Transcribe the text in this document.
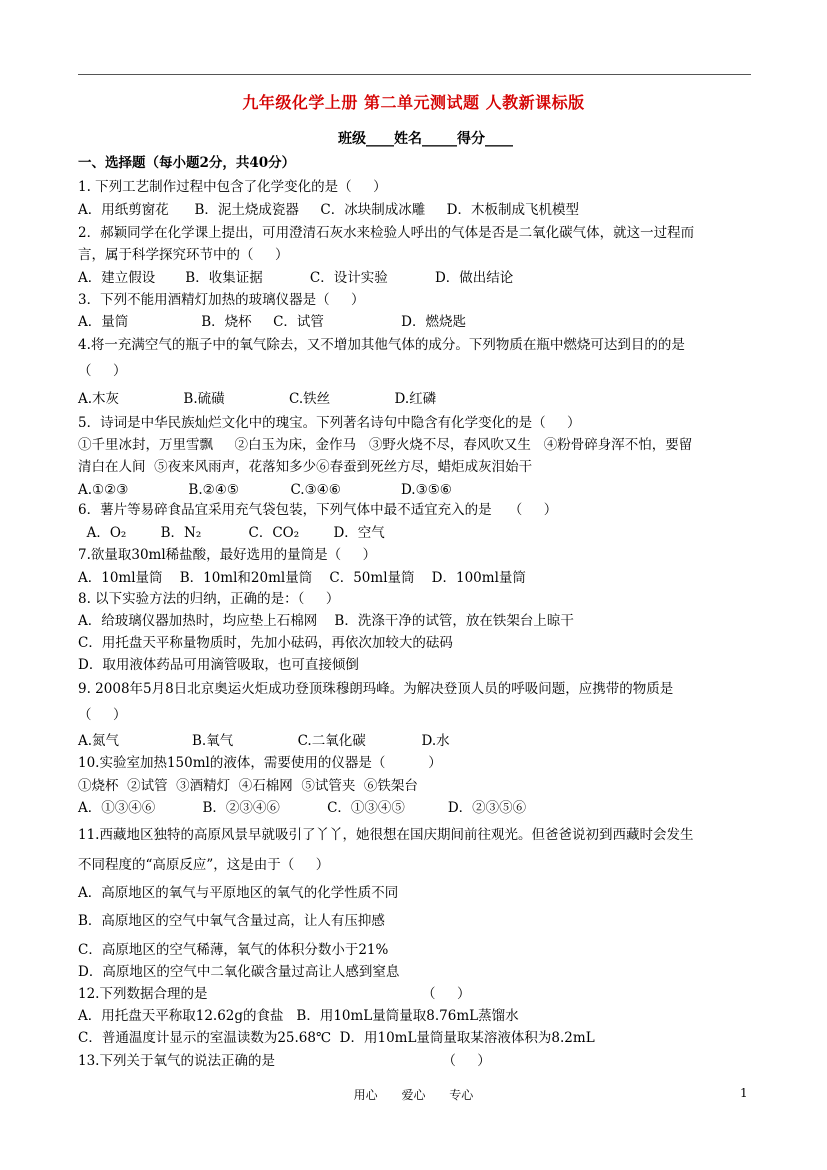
九年级化学上册 第二单元测试题 人教新课标版
班级____姓名_____得分____
一、选择题（每小题2分，共40分）
1. 下列工艺制作过程中包含了化学变化的是（     ）
A．用纸剪窗花      B．泥土烧成瓷器     C．冰块制成冰雕     D．木板制成飞机模型
2．郝颖同学在化学课上提出，可用澄清石灰水来检验人呼出的气体是否是二氧化碳气体，就这一过程而
言，属于科学探究环节中的（     ）
A．建立假设       B．收集证据           C．设计实验           D．做出结论
3．下列不能用酒精灯加热的玻璃仪器是（     ）
A．量筒                 B．烧杯     C．试管                  D．燃烧匙
4.将一充满空气的瓶子中的氧气除去，又不增加其他气体的成分。下列物质在瓶中燃烧可达到目的的是
（     ）
A.木灰               B.硫磺               C.铁丝               D.红磷
5．诗词是中华民族灿烂文化中的瑰宝。下列著名诗句中隐含有化学变化的是（     ）
①千里冰封，万里雪飘     ②白玉为床，金作马   ③野火烧不尽，春风吹又生   ④粉骨碎身浑不怕，要留
清白在人间  ⑤夜来风雨声，花落知多少⑥春蚕到死丝方尽，蜡炬成灰泪始干
A.①②③              B.②④⑤            C.③④⑥              D.③⑤⑥
6．薯片等易碎食品宜采用充气袋包装，下列气体中最不适宜充入的是    （     ）
A．O₂        B．N₂           C．CO₂        D．空气
7.欲量取30ml稀盐酸，最好选用的量筒是（     ）
A．10ml量筒    B．10ml和20ml量筒    C．50ml量筒    D．100ml量筒
8. 以下实验方法的归纳，正确的是：（     ）
A．给玻璃仪器加热时，均应垫上石棉网    B．洗涤干净的试管，放在铁架台上晾干
C．用托盘天平称量物质时，先加小砝码，再依次加较大的砝码
D．取用液体药品可用滴管吸取，也可直接倾倒
9. 2008年5月8日北京奥运火炬成功登顶珠穆朗玛峰。为解决登顶人员的呼吸问题，应携带的物质是
（     ）
A.氮气                 B.氧气               C.二氧化碳             D.水
10.实验室加热150ml的液体，需要使用的仪器是（          ）
①烧杯  ②试管  ③酒精灯  ④石棉网  ⑤试管夹  ⑥铁架台
A．①③④⑥           B．②③④⑥           C．①③④⑤          D．②③⑤⑥
11.西藏地区独特的高原风景早就吸引了丫丫，她很想在国庆期间前往观光。但爸爸说初到西藏时会发生
不同程度的“高原反应”，这是由于（     ）
A．高原地区的氧气与平原地区的氧气的化学性质不同
B．高原地区的空气中氧气含量过高，让人有压抑感
C．高原地区的空气稀薄，氧气的体积分数小于21%
D．高原地区的空气中二氧化碳含量过高让人感到窒息
12.下列数据合理的是                                                  （     ）
A．用托盘天平称取12.62g的食盐   B．用10mL量筒量取8.76mL蒸馏水
C．普通温度计显示的室温读数为25.68℃  D．用10mL量筒量取某溶液体积为8.2mL
13.下列关于氧气的说法正确的是                                       （     ）
用心 爱心 专心	1
